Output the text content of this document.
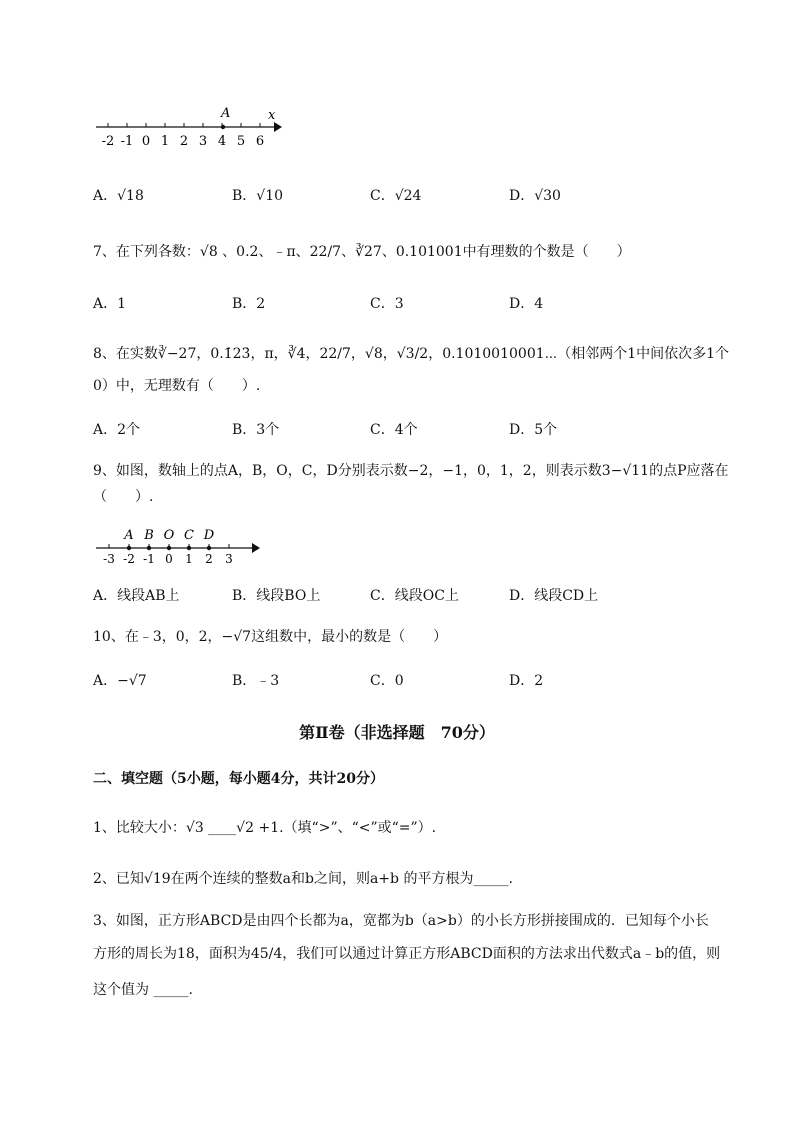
-2 -1 0 1 2 3 4 5 6
A	x
A．√18	B．√10	C．√24	D．√30
7、在下列各数：√8 、0.2、﹣π、22/7、∛27、0.101001中有理数的个数是（　　）
A．1	B．2	C．3	D．4
8、在实数∛−27，0.1̇23̇，π，∛4，22/7，√8，√3/2，0.1010010001⋯（相邻两个1中间依次多1个
0）中，无理数有（　　）.
A．2个	B．3个	C．4个	D．5个
9、如图，数轴上的点A，B，O，C，D分别表示数−2，−1，0，1，2，则表示数3−√11的点P应落在
（　　）.
-3 -2 -1 0 1 2 3
A B O C D
A．线段AB上	B．线段BO上	C．线段OC上	D．线段CD上
10、在﹣3，0，2，−√7这组数中，最小的数是（　　）
A．−√7	B．﹣3	C．0	D．2
第Ⅱ卷（非选择题　70分）
二、填空题（5小题，每小题4分，共计20分）
1、比较大小：√3 ____√2 +1.（填“>”、“<”或“=”）.
2、已知√19在两个连续的整数a和b之间，则a+b 的平方根为_____.
3、如图，正方形ABCD是由四个长都为a，宽都为b（a>b）的小长方形拼接围成的．已知每个小长
方形的周长为18，面积为45/4，我们可以通过计算正方形ABCD面积的方法求出代数式a﹣b的值，则
这个值为 _____.
